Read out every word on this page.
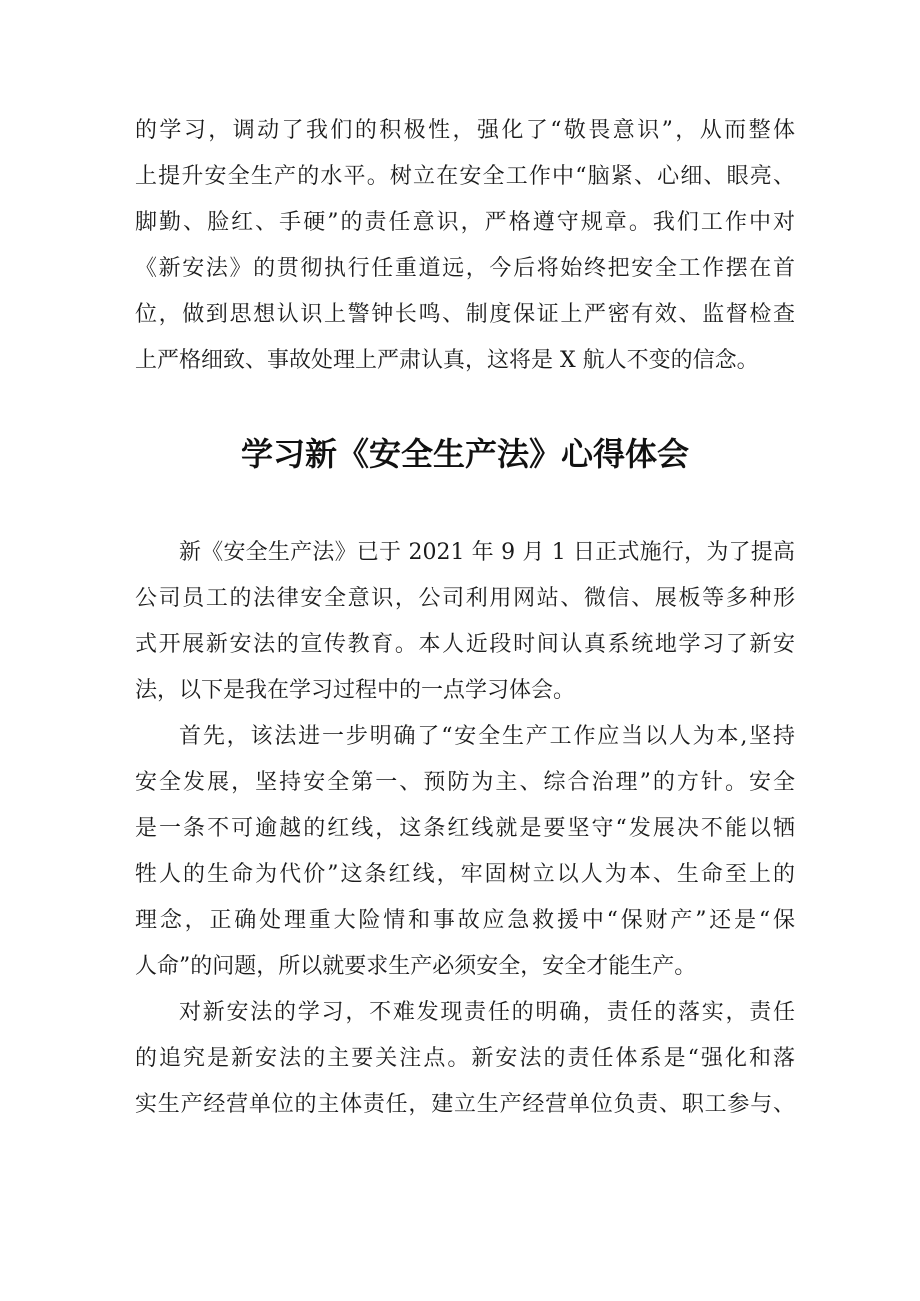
的学习，调动了我们的积极性，强化了“敬畏意识”，从而整体
上提升安全生产的水平。树立在安全工作中“脑紧、心细、眼亮、
脚勤、脸红、手硬”的责任意识，严格遵守规章。我们工作中对
《新安法》的贯彻执行任重道远，今后将始终把安全工作摆在首
位，做到思想认识上警钟长鸣、制度保证上严密有效、监督检查
上严格细致、事故处理上严肃认真，这将是 X 航人不变的信念。
学习新《安全生产法》心得体会
新《安全生产法》已于 2021 年 9 月 1 日正式施行，为了提高
公司员工的法律安全意识，公司利用网站、微信、展板等多种形
式开展新安法的宣传教育。本人近段时间认真系统地学习了新安
法，以下是我在学习过程中的一点学习体会。
首先，该法进一步明确了“安全生产工作应当以人为本,坚持
安全发展，坚持安全第一、预防为主、综合治理”的方针。安全
是一条不可逾越的红线，这条红线就是要坚守“发展决不能以牺
牲人的生命为代价”这条红线，牢固树立以人为本、生命至上的
理念，正确处理重大险情和事故应急救援中“保财产”还是“保
人命”的问题，所以就要求生产必须安全，安全才能生产。
对新安法的学习，不难发现责任的明确，责任的落实，责任
的追究是新安法的主要关注点。新安法的责任体系是“强化和落
实生产经营单位的主体责任，建立生产经营单位负责、职工参与、
